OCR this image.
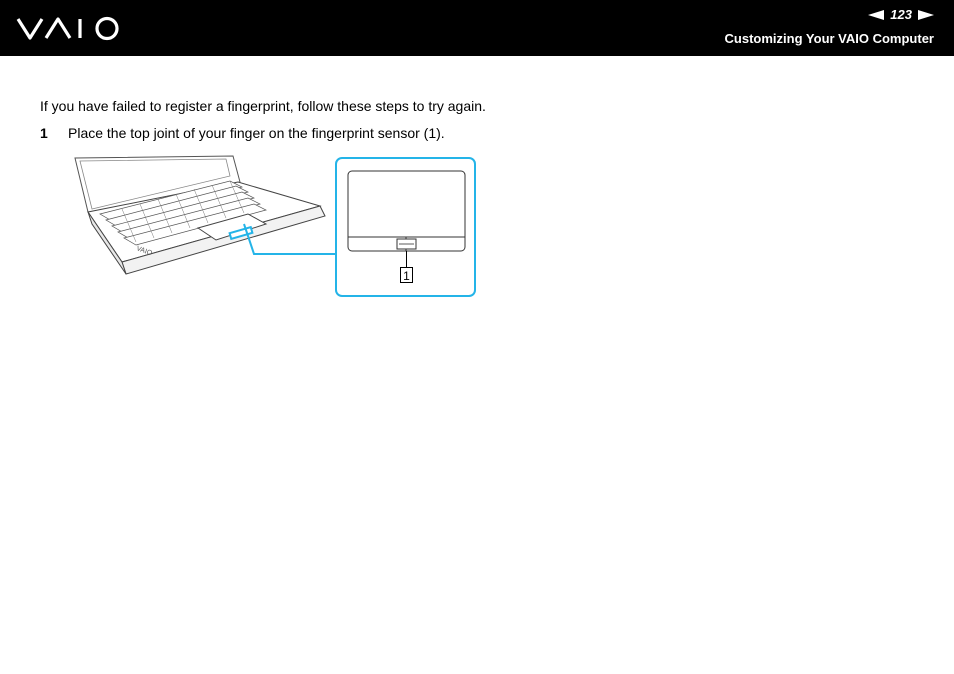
123
Customizing Your VAIO Computer
If you have failed to register a fingerprint, follow these steps to try again.
1 Place the top joint of your finger on the fingerprint sensor (1).
VAIO
1
